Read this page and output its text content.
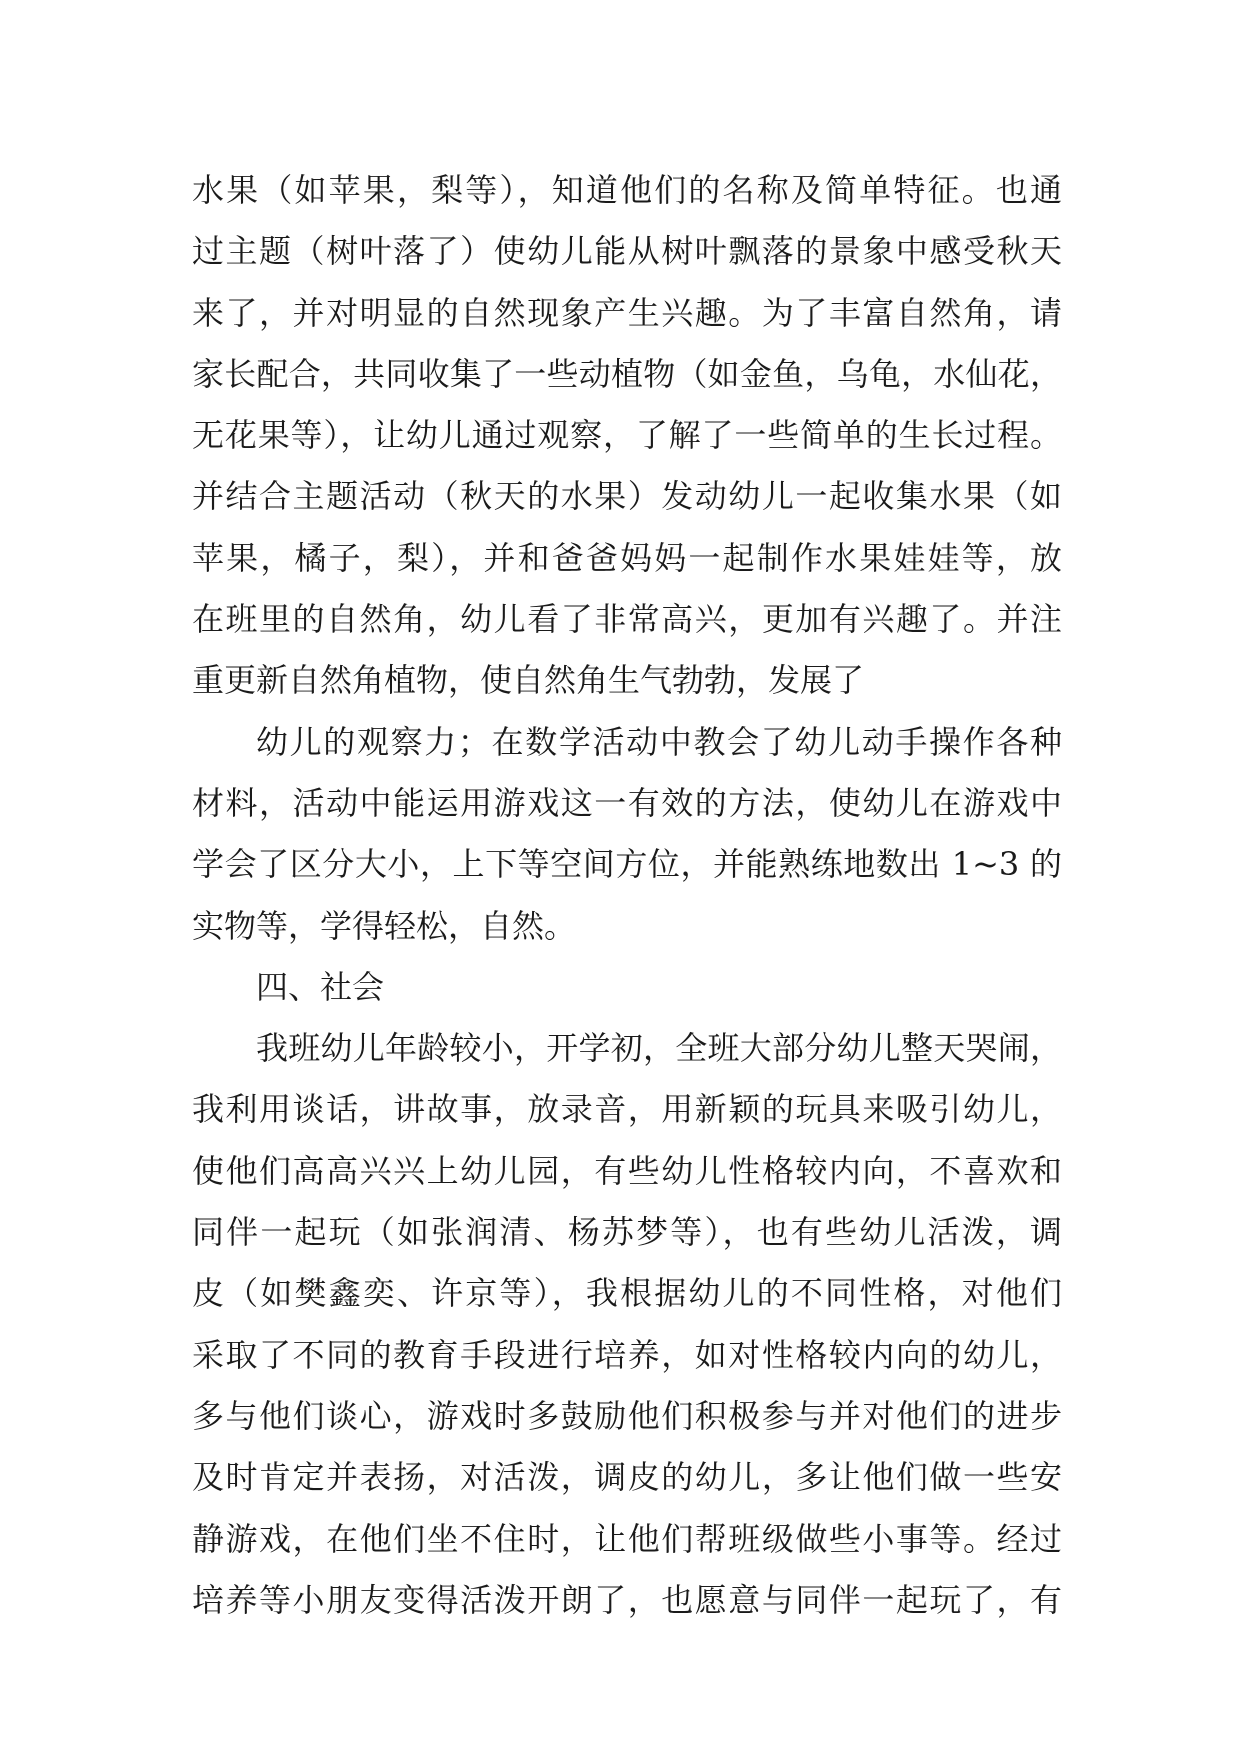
水果（如苹果，梨等），知道他们的名称及简单特征。也通
过主题（树叶落了）使幼儿能从树叶飘落的景象中感受秋天
来了，并对明显的自然现象产生兴趣。为了丰富自然角，请
家长配合，共同收集了一些动植物（如金鱼，乌龟，水仙花，
无花果等），让幼儿通过观察，了解了一些简单的生长过程。
并结合主题活动（秋天的水果）发动幼儿一起收集水果（如
苹果，橘子，梨），并和爸爸妈妈一起制作水果娃娃等，放
在班里的自然角，幼儿看了非常高兴，更加有兴趣了。并注
重更新自然角植物，使自然角生气勃勃，发展了
幼儿的观察力；在数学活动中教会了幼儿动手操作各种
材料，活动中能运用游戏这一有效的方法，使幼儿在游戏中
学会了区分大小，上下等空间方位，并能熟练地数出 1~3 的
实物等，学得轻松，自然。
四、社会
我班幼儿年龄较小，开学初，全班大部分幼儿整天哭闹，
我利用谈话，讲故事，放录音，用新颖的玩具来吸引幼儿，
使他们高高兴兴上幼儿园，有些幼儿性格较内向，不喜欢和
同伴一起玩（如张润清、杨苏梦等），也有些幼儿活泼，调
皮（如樊鑫奕、许京等），我根据幼儿的不同性格，对他们
采取了不同的教育手段进行培养，如对性格较内向的幼儿，
多与他们谈心，游戏时多鼓励他们积极参与并对他们的进步
及时肯定并表扬，对活泼，调皮的幼儿，多让他们做一些安
静游戏，在他们坐不住时，让他们帮班级做些小事等。经过
培养等小朋友变得活泼开朗了，也愿意与同伴一起玩了，有
